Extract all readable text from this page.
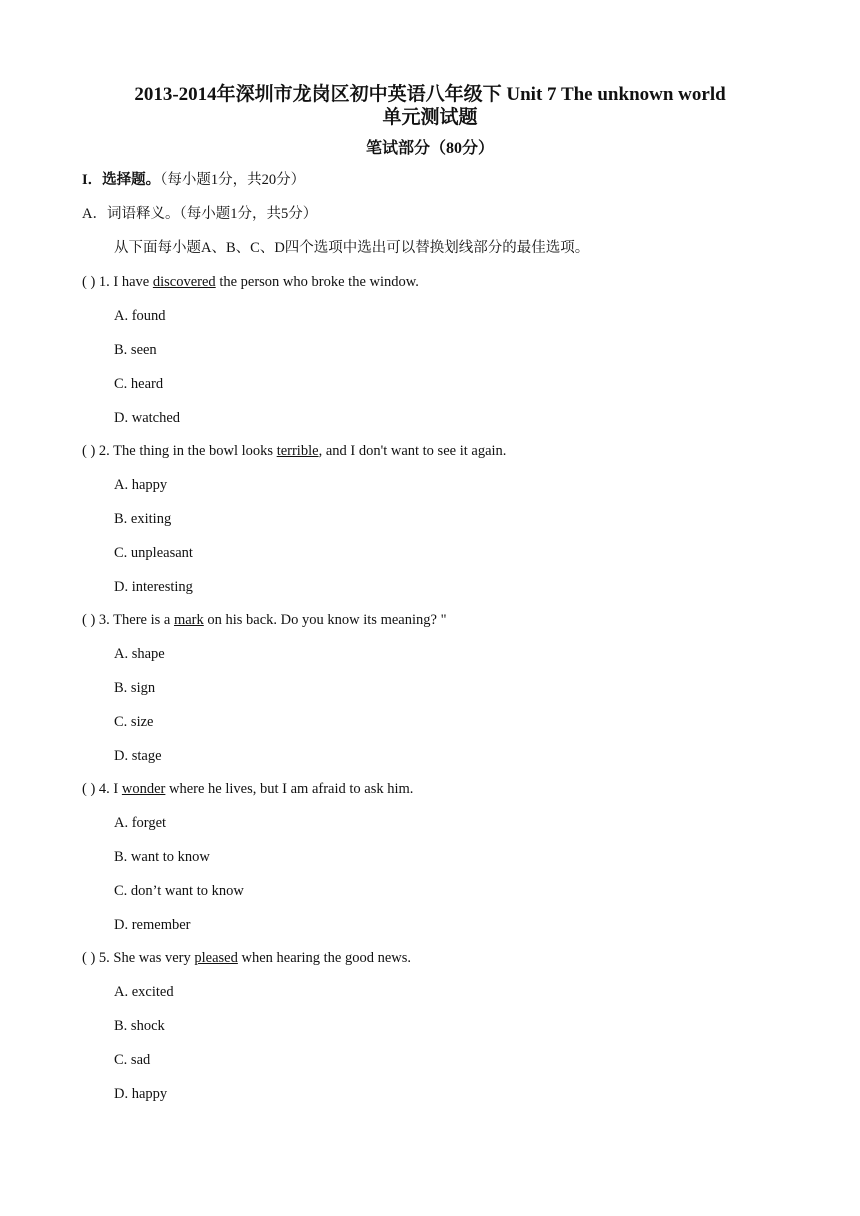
2013-2014年深圳市龙岗区初中英语八年级下 Unit 7 The unknown world
单元测试题
笔试部分（80分）
I．选择题。（每小题1分，共20分）
A．词语释义。（每小题1分，共5分）
从下面每小题A、B、C、D四个选项中选出可以替换划线部分的最佳选项。
( ) 1. I have discovered the person who broke the window.
A. found
B. seen
C. heard
D. watched
( ) 2. The thing in the bowl looks terrible, and I don't want to see it again.
A. happy
B. exiting
C. unpleasant
D. interesting
( ) 3. There is a mark on his back. Do you know its meaning? "
A. shape
B. sign
C. size
D. stage
( ) 4. I wonder where he lives, but I am afraid to ask him.
A. forget
B. want to know
C. don’t want to know
D. remember
( ) 5. She was very pleased when hearing the good news.
A. excited
B. shock
C. sad
D. happy
